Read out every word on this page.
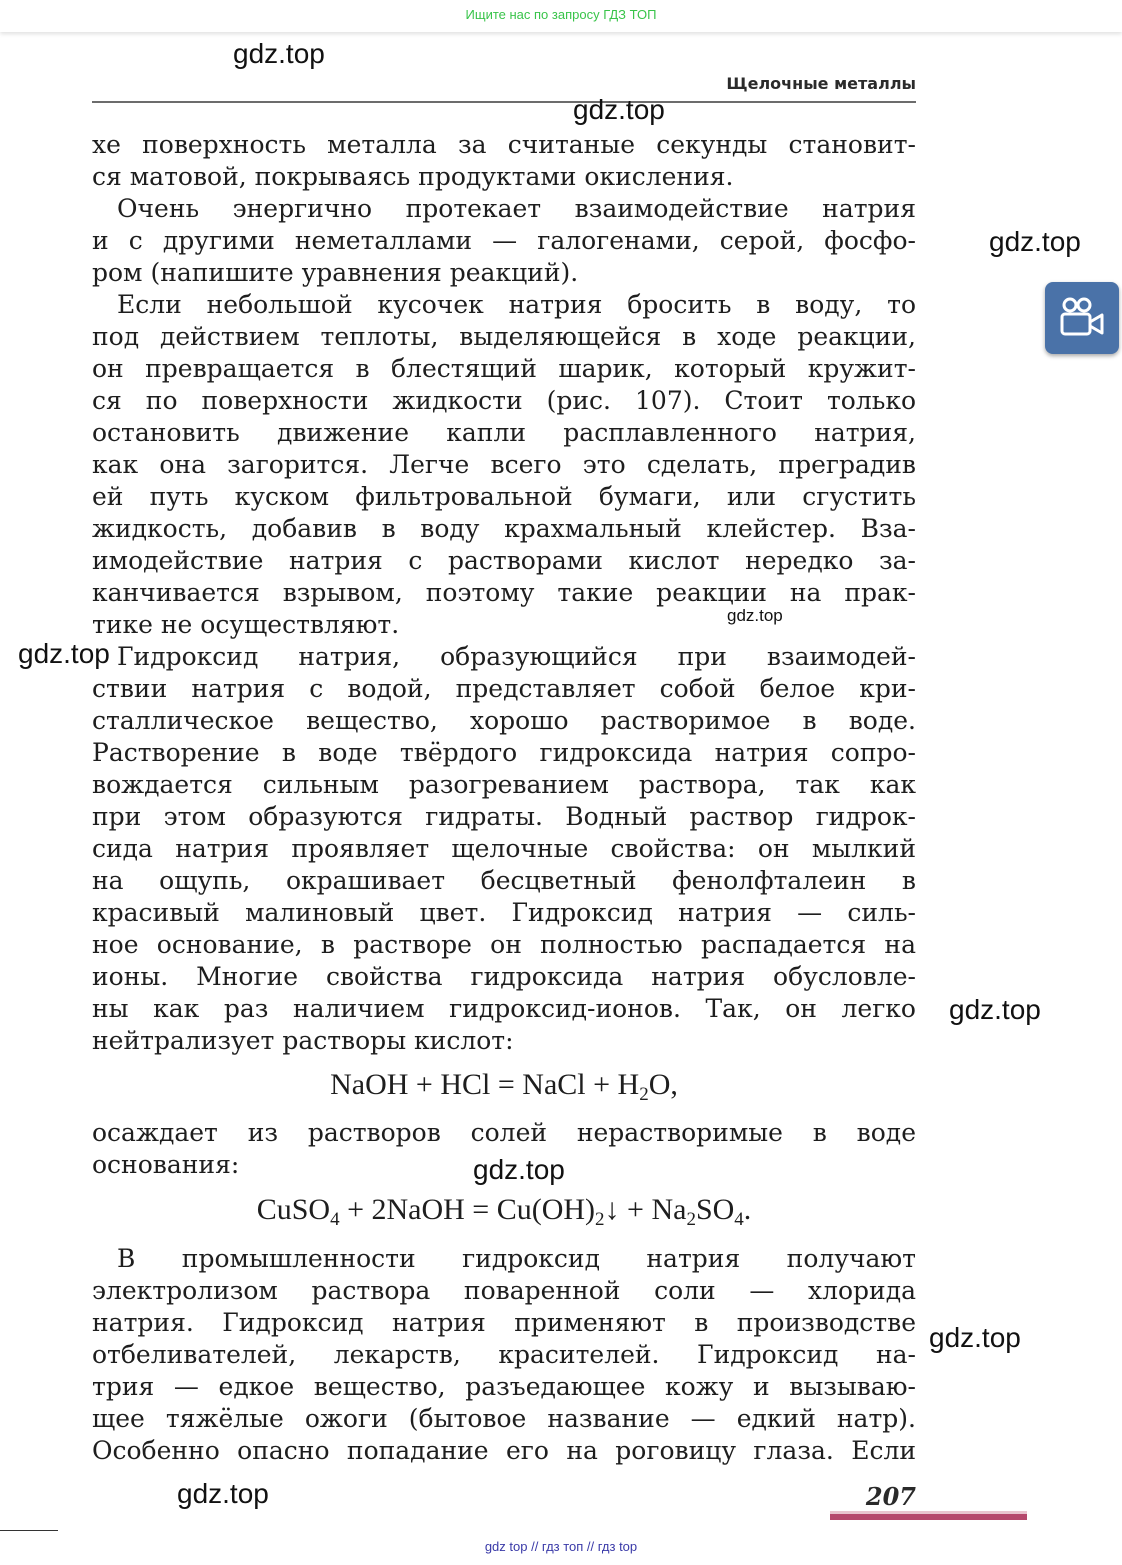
Ищите нас по запросу ГДЗ ТОП
Щелочные металлы
хе поверхность металла за считаные секунды становит-
ся матовой, покрываясь продуктами окисления.
 Очень энергично протекает взаимодействие натрия
и с другими неметаллами — галогенами, серой, фосфо-
ром (напишите уравнения реакций).
 Если небольшой кусочек натрия бросить в воду, то
под действием теплоты, выделяющейся в ходе реакции,
он превращается в блестящий шарик, который кружит-
ся по поверхности жидкости (рис. 107). Стоит только
остановить движение капли расплавленного натрия,
как она загорится. Легче всего это сделать, преградив
ей путь куском фильтровальной бумаги, или сгустить
жидкость, добавив в воду крахмальный клейстер. Вза-
имодействие натрия с растворами кислот нередко за-
канчивается взрывом, поэтому такие реакции на прак-
тике не осуществляют.
 Гидроксид натрия, образующийся при взаимодей-
ствии натрия с водой, представляет собой белое кри-
сталлическое вещество, хорошо растворимое в воде.
Растворение в воде твёрдого гидроксида натрия сопро-
вождается сильным разогреванием раствора, так как
при этом образуются гидраты. Водный раствор гидрок-
сида натрия проявляет щелочные свойства: он мылкий
на ощупь, окрашивает бесцветный фенолфталеин в
красивый малиновый цвет. Гидроксид натрия — силь-
ное основание, в растворе он полностью распадается на
ионы. Многие свойства гидроксида натрия обусловле-
ны как раз наличием гидроксид-ионов. Так, он легко
нейтрализует растворы кислот:
NaOH + HCl = NaCl + $H_2O$,
осаждает из растворов солей нерастворимые в воде
основания:
CuSO$_4$ + 2NaOH = $Cu(OH)_2↓ + Na_2SO_4$.
 В промышленности гидроксид натрия получают
электролизом раствора поваренной соли — хлорида
натрия. Гидроксид натрия применяют в производстве
отбеливателей, лекарств, красителей. Гидроксид на-
трия — едкое вещество, разъедающее кожу и вызываю-
щее тяжёлые ожоги (бытовое название — едкий натр).
Особенно опасно попадание его на роговицу глаза. Если
gdz.top
gdz.top
gdz.top
gdz.top
gdz.top
gdz.top
gdz.top
gdz.top
gdz.top	207
gdz top // гдз топ // гдз top
